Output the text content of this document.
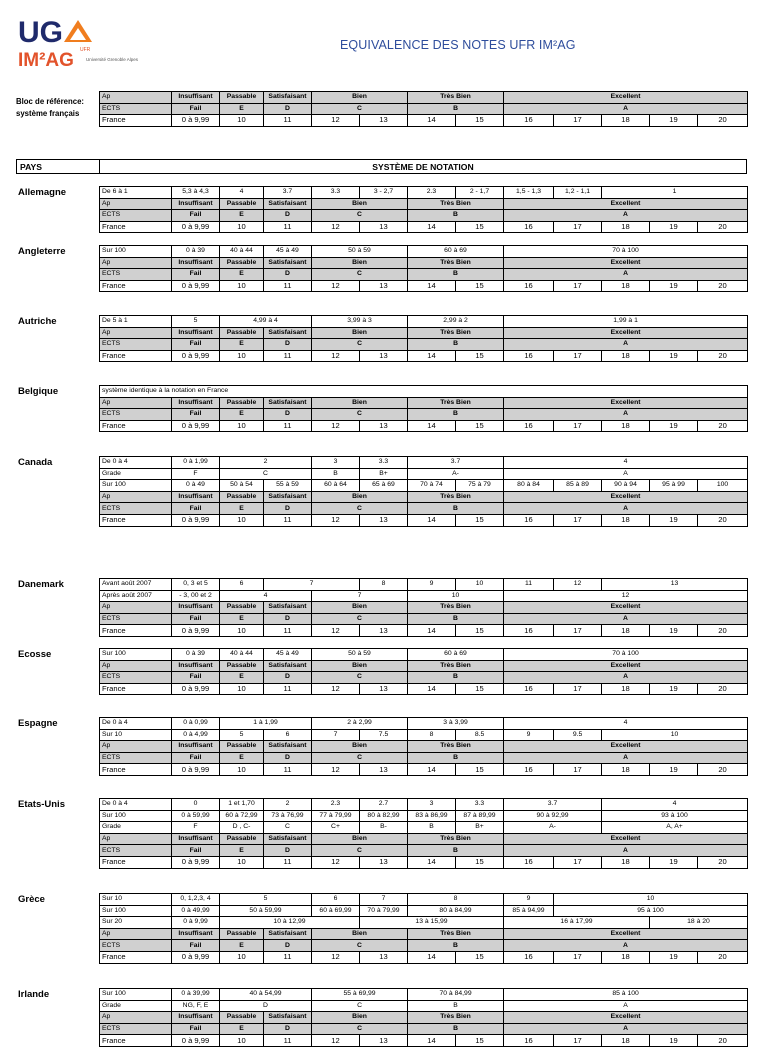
UG
UFR
IM²AG	Université Grenoble Alpes
EQUIVALENCE DES NOTES UFR IM²AG
Bloc de référence: système français
Ap	Insuffisant	Passable	Satisfaisant	Bien		Très Bien		Excellent				
ECTS	Fail	E	D	C		B		A				
France	0 à 9,99	10	11	12	13	14	15	16	17	18	19	20
PAYS	SYSTÈME DE NOTATION
Allemagne	De 6 à 1	5,3 à 4,3	4	3.7	3.3	3 - 2,7	2.3	2 - 1,7	1,5 - 1,3	1,2 - 1,1	1		
Ap	Insuffisant	Passable	Satisfaisant	Bien		Très Bien		Excellent				
ECTS	Fail	E	D	C		B		A				
France	0 à 9,99	10	11	12	13	14	15	16	17	18	19	20
Angleterre	Sur 100	0 à 39	40 à 44	45 à 49	50 à 59		60 à 69		70 à 100				
Ap	Insuffisant	Passable	Satisfaisant	Bien		Très Bien		Excellent				
ECTS	Fail	E	D	C		B		A				
France	0 à 9,99	10	11	12	13	14	15	16	17	18	19	20
Autriche	De 5 à 1	5	4,99 à 4		3,99 à 3		2,99 à 2		1,99 à 1				
Ap	Insuffisant	Passable	Satisfaisant	Bien		Très Bien		Excellent				
ECTS	Fail	E	D	C		B		A				
France	0 à 9,99	10	11	12	13	14	15	16	17	18	19	20
Belgique	système identique à la notation en France												
Ap	Insuffisant	Passable	Satisfaisant	Bien		Très Bien		Excellent				
ECTS	Fail	E	D	C		B		A				
France	0 à 9,99	10	11	12	13	14	15	16	17	18	19	20
Canada	De 0 à 4	0 à 1,99	2		3	3.3	3.7		4				
Grade	F	C		B	B+	A-		A				
Sur 100	0 à 49	50 à 54	55 à 59	60 à 64	65 à 69	70 à 74	75 à 79	80 à 84	85 à 89	90 à 94	95 à 99	100
Ap	Insuffisant	Passable	Satisfaisant	Bien		Très Bien		Excellent				
ECTS	Fail	E	D	C		B		A				
France	0 à 9,99	10	11	12	13	14	15	16	17	18	19	20
Danemark	Avant août 2007	0, 3 et 5	6	7		8	9	10	11	12	13		
Après août 2007	- 3, 00 et 2	4		7		10		12				
Ap	Insuffisant	Passable	Satisfaisant	Bien		Très Bien		Excellent				
ECTS	Fail	E	D	C		B		A				
France	0 à 9,99	10	11	12	13	14	15	16	17	18	19	20
Ecosse	Sur 100	0 à 39	40 à 44	45 à 49	50 à 59		60 à 69		70 à 100				
Ap	Insuffisant	Passable	Satisfaisant	Bien		Très Bien		Excellent				
ECTS	Fail	E	D	C		B		A				
France	0 à 9,99	10	11	12	13	14	15	16	17	18	19	20
Espagne	De 0 à 4	0 à 0,99	1 à 1,99		2 à 2,99		3 à 3,99		4				
Sur 10	0 à 4,99	5	6	7	7.5	8	8.5	9	9.5	10		
Ap	Insuffisant	Passable	Satisfaisant	Bien		Très Bien		Excellent				
ECTS	Fail	E	D	C		B		A				
France	0 à 9,99	10	11	12	13	14	15	16	17	18	19	20
Etats-Unis	De 0 à 4	0	1 et 1,70	2	2.3	2.7	3	3.3	3.7		4		
Sur 100	0 à 59,99	60 à 72,99	73 à 76,99	77 à 79,99	80 à 82,99	83 à 86,99	87 à 89,99	90 à 92,99		93 à 100		
Grade	F	D , C-	C	C+	B-	B	B+	A-		A, A+		
Ap	Insuffisant	Passable	Satisfaisant	Bien		Très Bien		Excellent				
ECTS	Fail	E	D	C		B		A				
France	0 à 9,99	10	11	12	13	14	15	16	17	18	19	20
Grèce	Sur 10	0, 1,2,3, 4	5		6	7	8		9	10			
Sur 100	0 à 49,99	50 à 59,99		60 à 69,99	70 à 79,99	80 à 84,99		85 à 94,99	95 à 100			
Sur 20	0 à 9,99	10 à 12,99			13 à 15,99			16 à 17,99			18 à 20	
Ap	Insuffisant	Passable	Satisfaisant	Bien		Très Bien		Excellent				
ECTS	Fail	E	D	C		B		A				
France	0 à 9,99	10	11	12	13	14	15	16	17	18	19	20
Irlande	Sur 100	0 à 39,99	40 à 54,99		55 à 69,99		70 à 84,99		85 à 100				
Grade	NG, F, E	D		C		B		A				
Ap	Insuffisant	Passable	Satisfaisant	Bien		Très Bien		Excellent				
ECTS	Fail	E	D	C		B		A				
France	0 à 9,99	10	11	12	13	14	15	16	17	18	19	20
